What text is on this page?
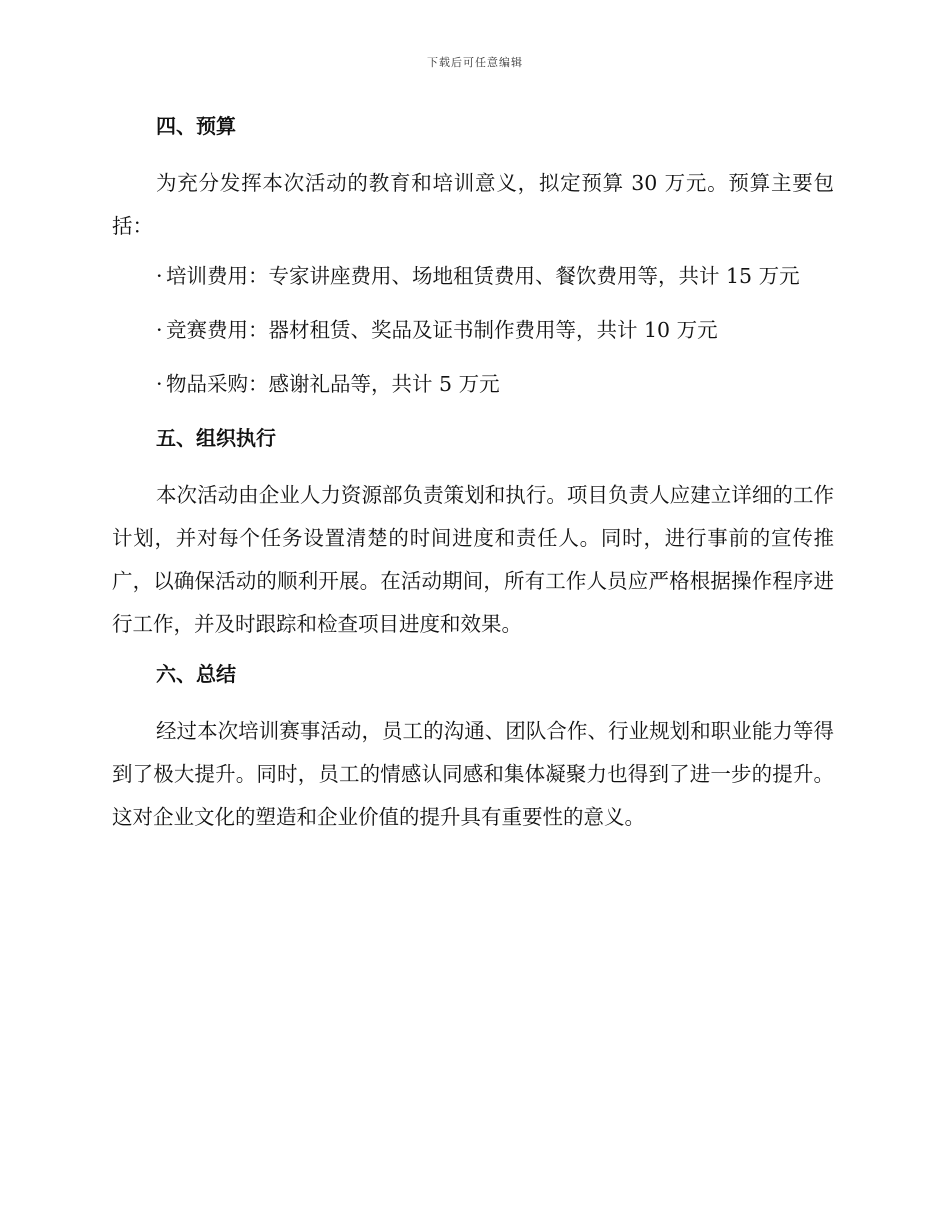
下载后可任意编辑
四、预算

为充分发挥本次活动的教育和培训意义，拟定预算 30 万元。预算主要包括：

· 培训费用：专家讲座费用、场地租赁费用、餐饮费用等，共计 15 万元
· 竞赛费用：器材租赁、奖品及证书制作费用等，共计 10 万元
· 物品采购：感谢礼品等，共计 5 万元
五、组织执行

本次活动由企业人力资源部负责策划和执行。项目负责人应建立详细的工作计划，并对每个任务设置清楚的时间进度和责任人。同时，进行事前的宣传推广，以确保活动的顺利开展。在活动期间，所有工作人员应严格根据操作程序进行工作，并及时跟踪和检查项目进度和效果。

六、总结

经过本次培训赛事活动，员工的沟通、团队合作、行业规划和职业能力等得到了极大提升。同时，员工的情感认同感和集体凝聚力也得到了进一步的提升。这对企业文化的塑造和企业价值的提升具有重要性的意义。
